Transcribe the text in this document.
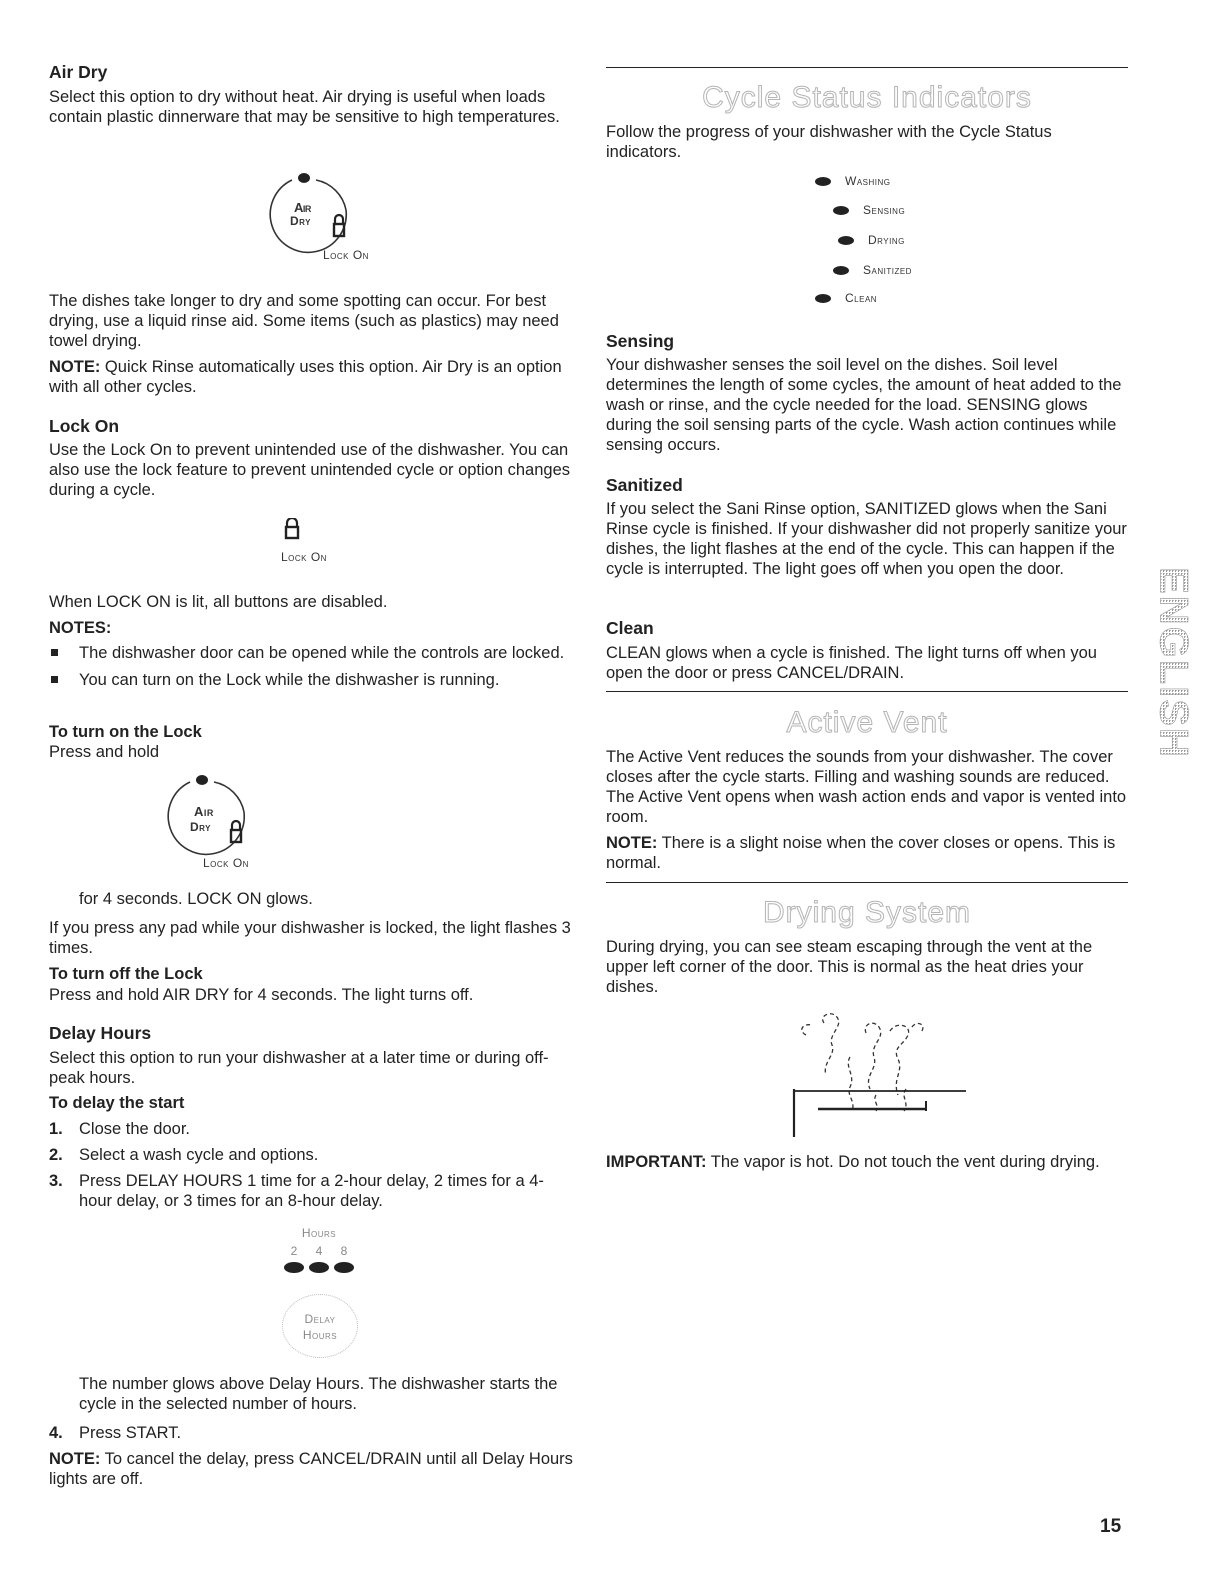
Air Dry

Select this option to dry without heat. Air drying is useful when loads contain plastic dinnerware that may be sensitive to high temperatures.

Air
Dry
Lock On

The dishes take longer to dry and some spotting can occur. For best drying, use a liquid rinse aid. Some items (such as plastics) may need towel drying.

NOTE: Quick Rinse automatically uses this option. Air Dry is an option with all other cycles.

Lock On

Use the Lock On to prevent unintended use of the dishwasher. You can also use the lock feature to prevent unintended cycle or option changes during a cycle.

Lock On

When LOCK ON is lit, all buttons are disabled.

NOTES:
The dishwasher door can be opened while the controls are locked.
You can turn on the Lock while the dishwasher is running.
To turn on the Lock

Press and hold

Air
Dry
Lock On

for 4 seconds. LOCK ON glows.

If you press any pad while your dishwasher is locked, the light flashes 3 times.

To turn off the Lock

Press and hold AIR DRY for 4 seconds. The light turns off.

Delay Hours

Select this option to run your dishwasher at a later time or during off-peak hours.

To delay the start
1. Close the door.
2. Select a wash cycle and options.
3. Press DELAY HOURS 1 time for a 2-hour delay, 2 times for a 4-hour delay, or 3 times for an 8-hour delay.
Hours
2	4	8
Delay
Hours

The number glows above Delay Hours. The dishwasher starts the cycle in the selected number of hours.

4. Press START.

NOTE: To cancel the delay, press CANCEL/DRAIN until all Delay Hours lights are off.

Cycle Status Indicators

Follow the progress of your dishwasher with the Cycle Status indicators.

Washing
Sensing
Drying
Sanitized
Clean
Sensing

Your dishwasher senses the soil level on the dishes. Soil level determines the length of some cycles, the amount of heat added to the wash or rinse, and the cycle needed for the load. SENSING glows during the soil sensing parts of the cycle. Wash action continues while sensing occurs.

Sanitized

If you select the Sani Rinse option, SANITIZED glows when the Sani Rinse cycle is finished. If your dishwasher did not properly sanitize your dishes, the light flashes at the end of the cycle. This can happen if the cycle is interrupted. The light goes off when you open the door.

Clean

CLEAN glows when a cycle is finished. The light turns off when you open the door or press CANCEL/DRAIN.

Active Vent

The Active Vent reduces the sounds from your dishwasher. The cover closes after the cycle starts. Filling and washing sounds are reduced. The Active Vent opens when wash action ends and vapor is vented into room.

NOTE: There is a slight noise when the cover closes or opens. This is normal.

Drying System

During drying, you can see steam escaping through the vent at the upper left corner of the door. This is normal as the heat dries your dishes.

IMPORTANT: The vapor is hot. Do not touch the vent during drying.

ENGLISH
15
